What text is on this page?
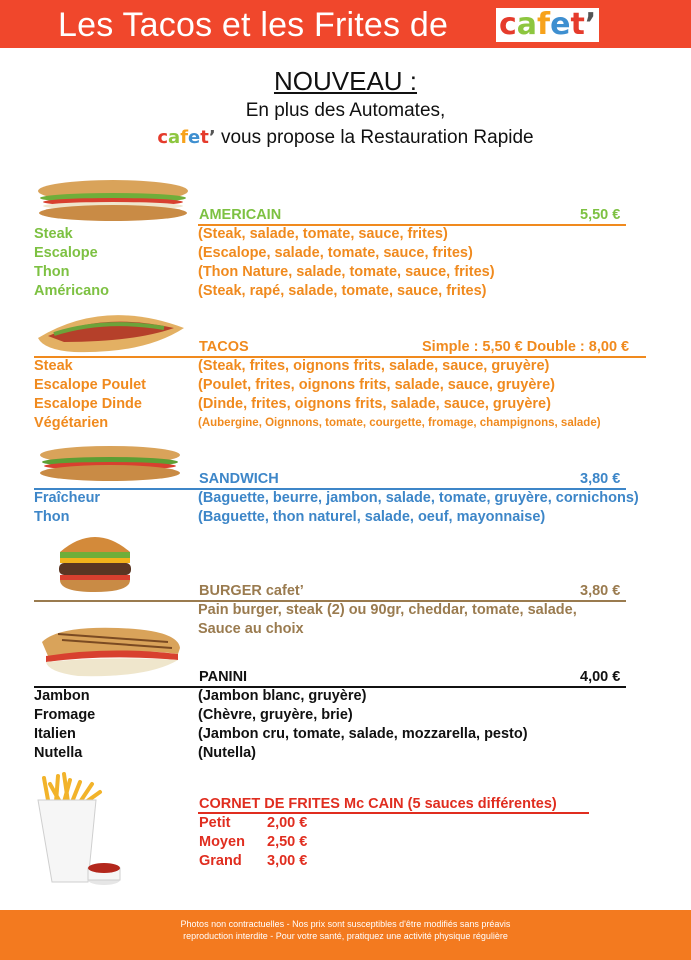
Les Tacos et les Frites de cafet’
NOUVEAU :
En plus des Automates,
cafet’ vous propose la Restauration Rapide
AMERICAIN	5,50 €
Steak	(Steak, salade, tomate, sauce, frites)
Escalope	(Escalope, salade, tomate, sauce, frites)
Thon	(Thon Nature, salade, tomate, sauce, frites)
Américano	(Steak, rapé, salade, tomate, sauce, frites)
TACOS	Simple : 5,50 € Double : 8,00 €
Steak	(Steak, frites, oignons frits, salade, sauce, gruyère)
Escalope Poulet	(Poulet, frites, oignons frits, salade, sauce, gruyère)
Escalope Dinde	(Dinde, frites, oignons frits, salade, sauce, gruyère)
Végétarien	(Aubergine, Oignnons, tomate, courgette, fromage, champignons, salade)
SANDWICH	3,80 €
Fraîcheur	(Baguette, beurre, jambon, salade, tomate, gruyère, cornichons)
Thon	(Baguette, thon naturel, salade, oeuf, mayonnaise)
BURGER cafet’	3,80 €
Pain burger, steak (2) ou 90gr, cheddar, tomate, salade,
Sauce au choix
PANINI	4,00 €
Jambon	(Jambon blanc, gruyère)
Fromage	(Chèvre, gruyère, brie)
Italien	(Jambon cru, tomate, salade, mozzarella, pesto)
Nutella	(Nutella)
CORNET DE FRITES Mc CAIN (5 sauces différentes)
Petit	2,00 €
Moyen 2,50 €
Grand 3,00 €
Photos non contractuelles - Nos prix sont susceptibles d'être modifiés sans préavis
reproduction interdite - Pour votre santé, pratiquez une activité physique régulière
